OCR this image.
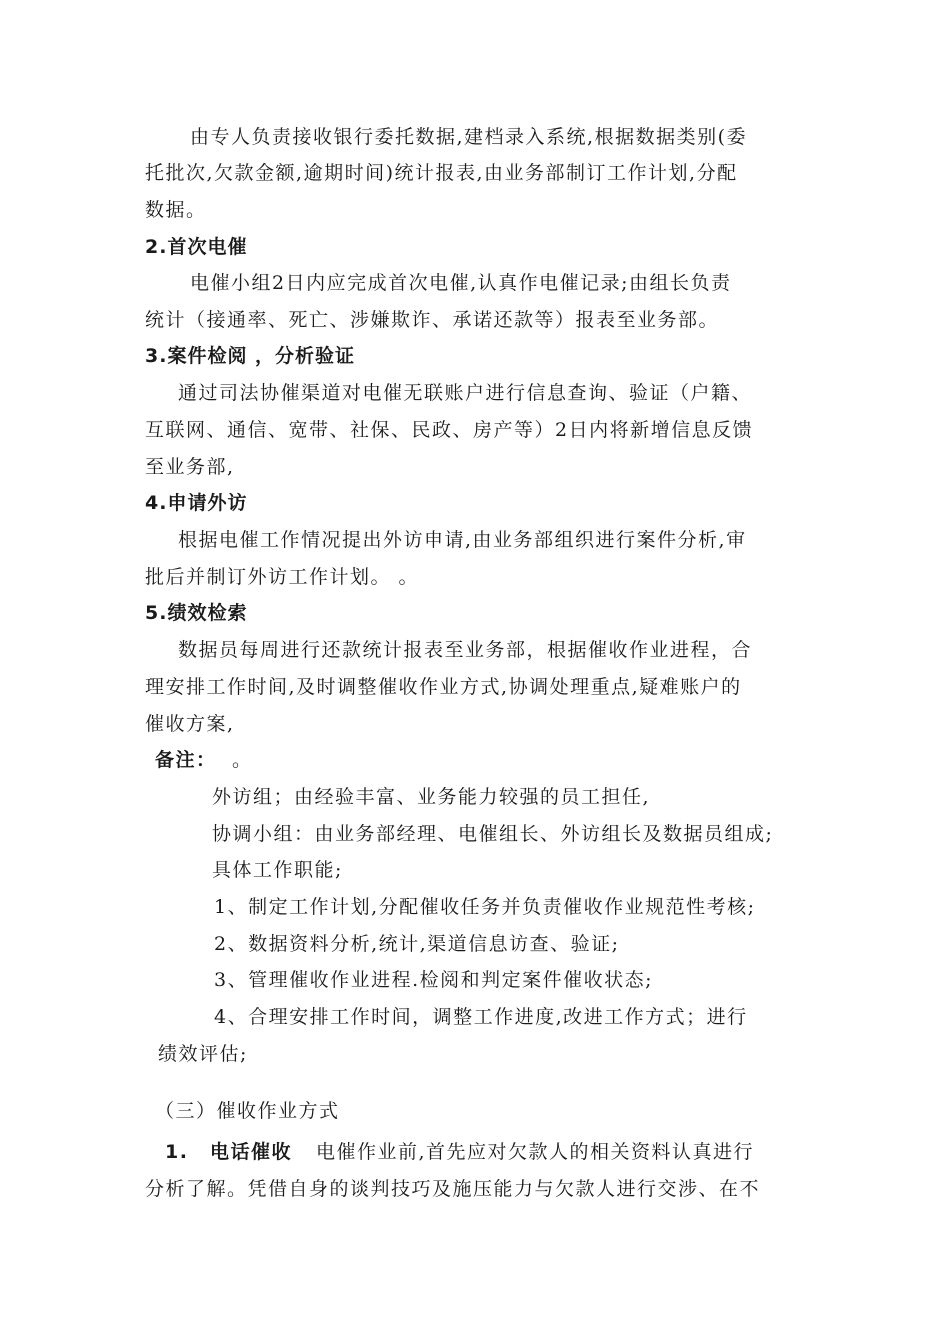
由专人负责接收银行委托数据,建档录入系统,根据数据类别(委
托批次,欠款金额,逾期时间)统计报表,由业务部制订工作计划,分配
数据。
2.首次电催
电催小组2日内应完成首次电催,认真作电催记录;由组长负责
统计（接通率、死亡、涉嫌欺诈、承诺还款等）报表至业务部。
3.案件检阅 ，分析验证
通过司法协催渠道对电催无联账户进行信息查询、验证（户籍、
互联网、通信、宽带、社保、民政、房产等）2日内将新增信息反馈
至业务部,
4.申请外访
根据电催工作情况提出外访申请,由业务部组织进行案件分析,审
批后并制订外访工作计划。 。
5.绩效检索
数据员每周进行还款统计报表至业务部，根据催收作业进程，合
理安排工作时间,及时调整催收作业方式,协调处理重点,疑难账户的
催收方案,
备注： 。
外访组；由经验丰富、业务能力较强的员工担任,
协调小组：由业务部经理、电催组长、外访组长及数据员组成;
具体工作职能;
1、制定工作计划,分配催收任务并负责催收作业规范性考核;
2、数据资料分析,统计,渠道信息访查、验证;
3、管理催收作业进程.检阅和判定案件催收状态;
4、合理安排工作时间，调整工作进度,改进工作方式；进行
绩效评估;
（三）催收作业方式
1. 电话催收 电催作业前,首先应对欠款人的相关资料认真进行
分析了解。凭借自身的谈判技巧及施压能力与欠款人进行交涉、在不
